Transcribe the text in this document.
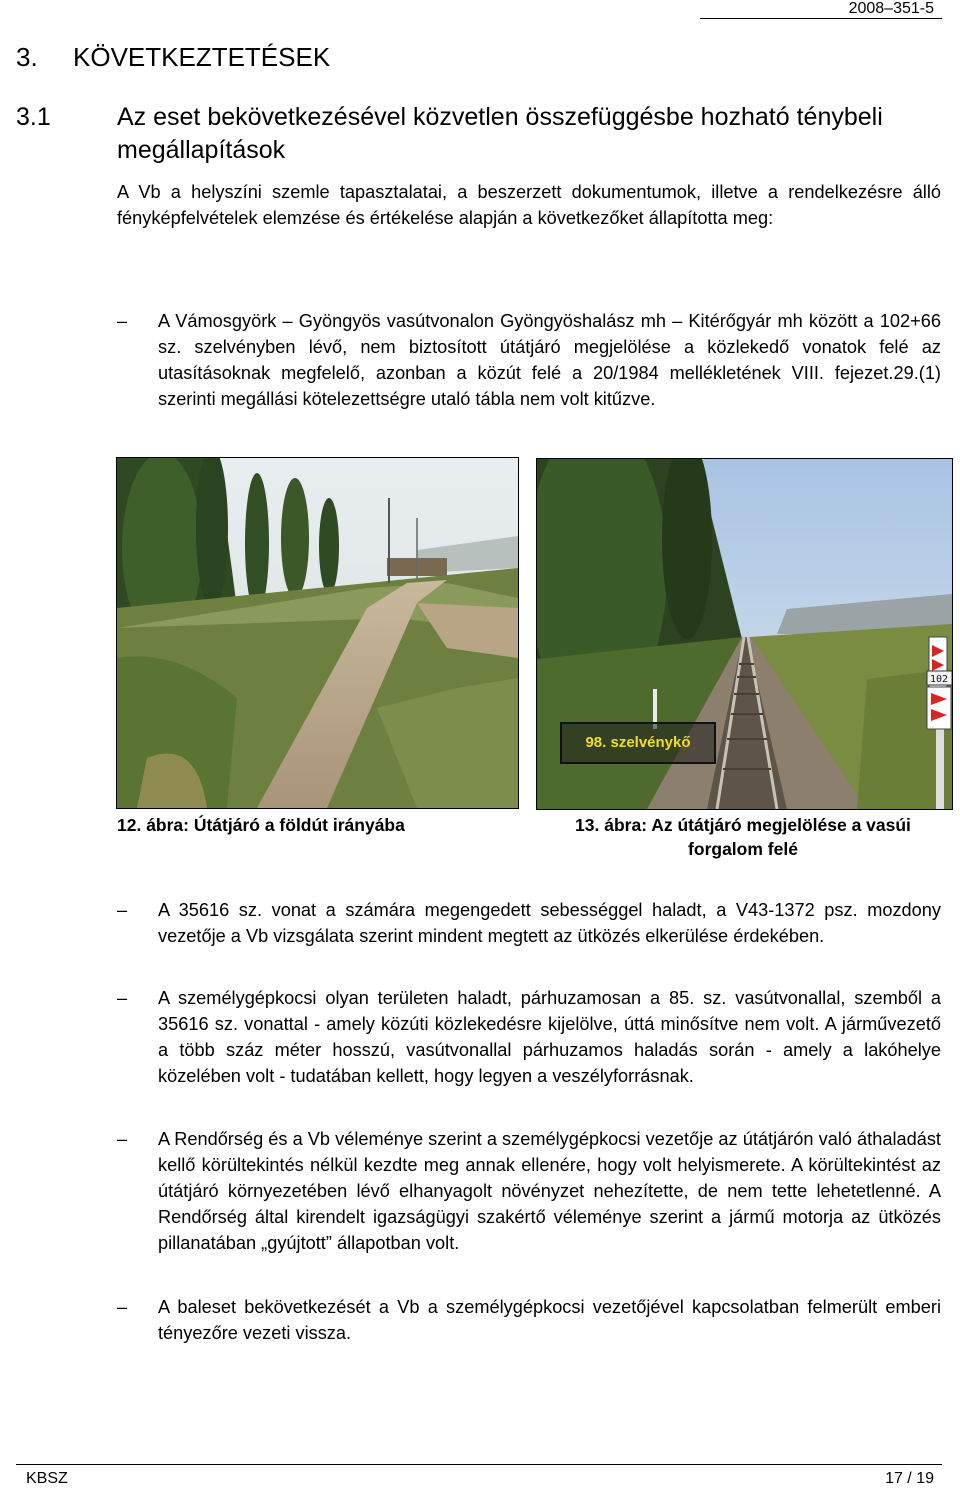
2008–351-5
3. KÖVETKEZTETÉSEK
3.1	Az eset bekövetkezésével közvetlen összefüggésbe hozható ténybeli megállapítások
A Vb a helyszíni szemle tapasztalatai, a beszerzett dokumentumok, illetve a rendelkezésre álló fényképfelvételek elemzése és értékelése alapján a következőket állapította meg:
–	A Vámosgyörk – Gyöngyös vasútvonalon Gyöngyöshalász mh – Kitérőgyár mh között a 102+66 sz. szelvényben lévő, nem biztosított útátjáró megjelölése a közlekedő vonatok felé az utasításoknak megfelelő, azonban a közút felé a 20/1984 mellékletének VIII. fejezet.29.(1) szerinti megállási kötelezettségre utaló tábla nem volt kitűzve.
102
98. szelvénykő
12. ábra: Útátjáró a földút irányába	13. ábra: Az útátjáró megjelölése a vasúi forgalom felé
–	A 35616 sz. vonat a számára megengedett sebességgel haladt, a V43-1372 psz. mozdony vezetője a Vb vizsgálata szerint mindent megtett az ütközés elkerülése érdekében.
–	A személygépkocsi olyan területen haladt, párhuzamosan a 85. sz. vasútvonallal, szemből a 35616 sz. vonattal - amely közúti közlekedésre kijelölve, úttá minősítve nem volt. A járművezető a több száz méter hosszú, vasútvonallal párhuzamos haladás során - amely a lakóhelye közelében volt - tudatában kellett, hogy legyen a veszélyforrásnak.
–	A Rendőrség és a Vb véleménye szerint a személygépkocsi vezetője az útátjárón való áthaladást kellő körültekintés nélkül kezdte meg annak ellenére, hogy volt helyismerete. A körültekintést az útátjáró környezetében lévő elhanyagolt növényzet nehezítette, de nem tette lehetetlenné. A Rendőrség által kirendelt igazságügyi szakértő véleménye szerint a jármű motorja az ütközés pillanatában „gyújtott” állapotban volt.
–	A baleset bekövetkezését a Vb a személygépkocsi vezetőjével kapcsolatban felmerült emberi tényezőre vezeti vissza.
KBSZ	17 / 19
